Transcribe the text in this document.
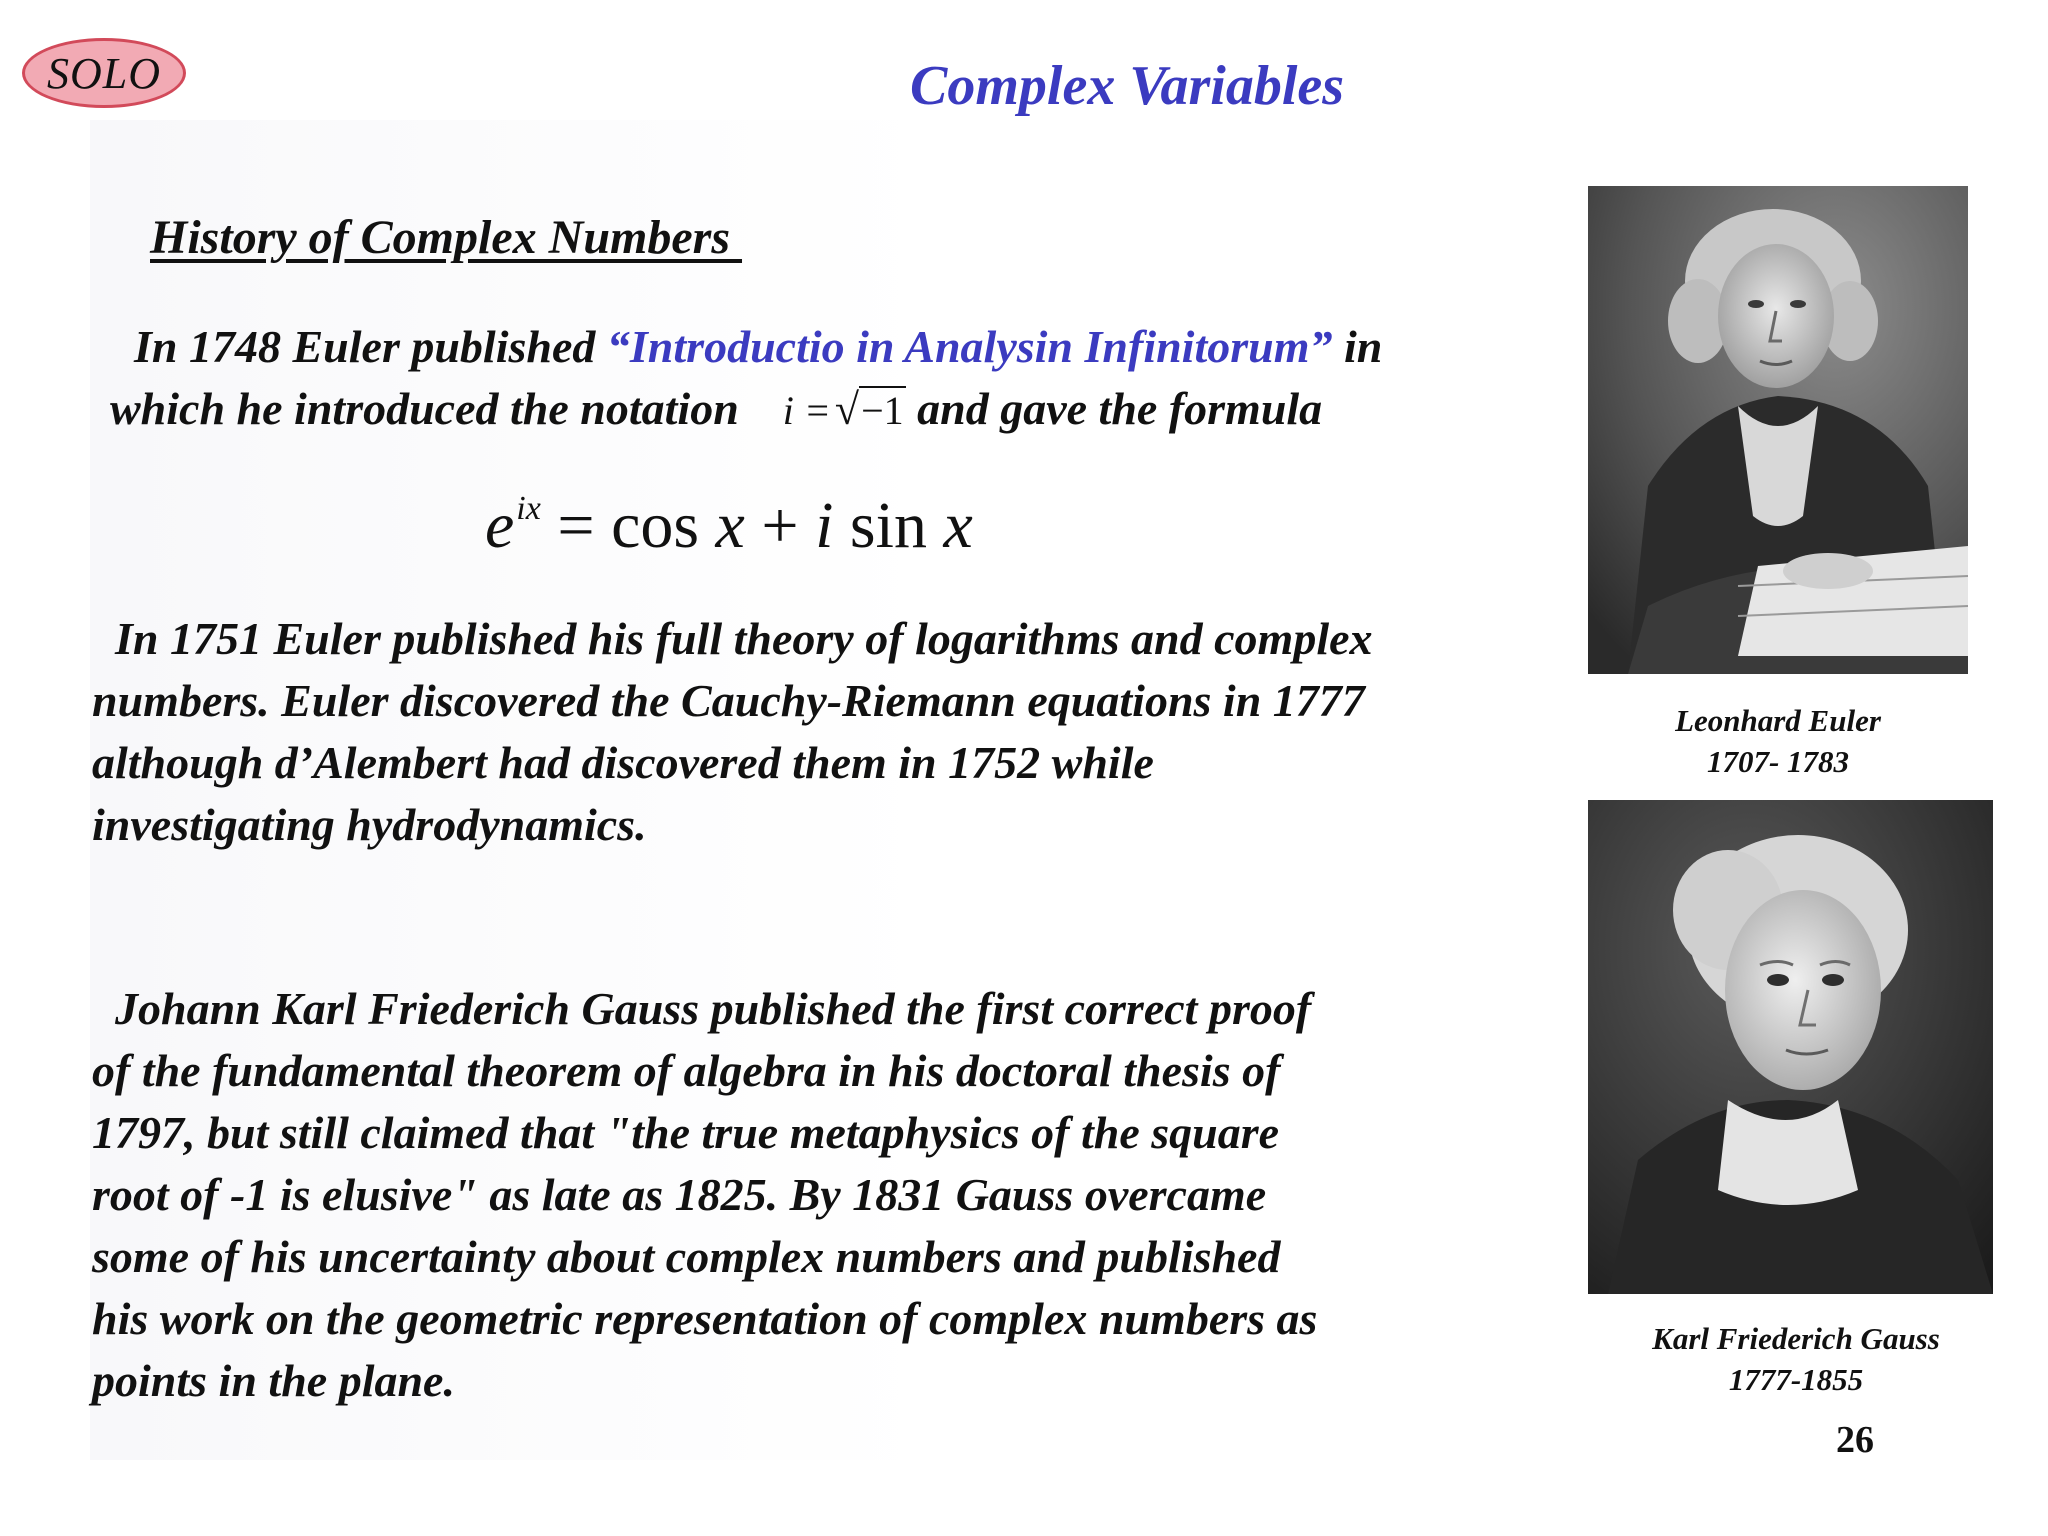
SOLO	Complex Variables
History of Complex Numbers
In 1748 Euler published “Introductio in Analysin Infinitorum” in
which he introduced the notation i =√−1 and gave the formula
$e^{ix} = \cos x + i$ sin x
In 1751 Euler published his full theory of logarithms and complex
numbers. Euler discovered the Cauchy-Riemann equations in 1777
although d’Alembert had discovered them in 1752 while
investigating hydrodynamics.
Johann Karl Friederich Gauss published the first correct proof
of the fundamental theorem of algebra in his doctoral thesis of
1797, but still claimed that "the true metaphysics of the square
root of -1 is elusive" as late as 1825. By 1831 Gauss overcame
some of his uncertainty about complex numbers and published
his work on the geometric representation of complex numbers as
points in the plane.
Leonhard Euler
1707- 1783
Karl Friederich Gauss
1777-1855
26
